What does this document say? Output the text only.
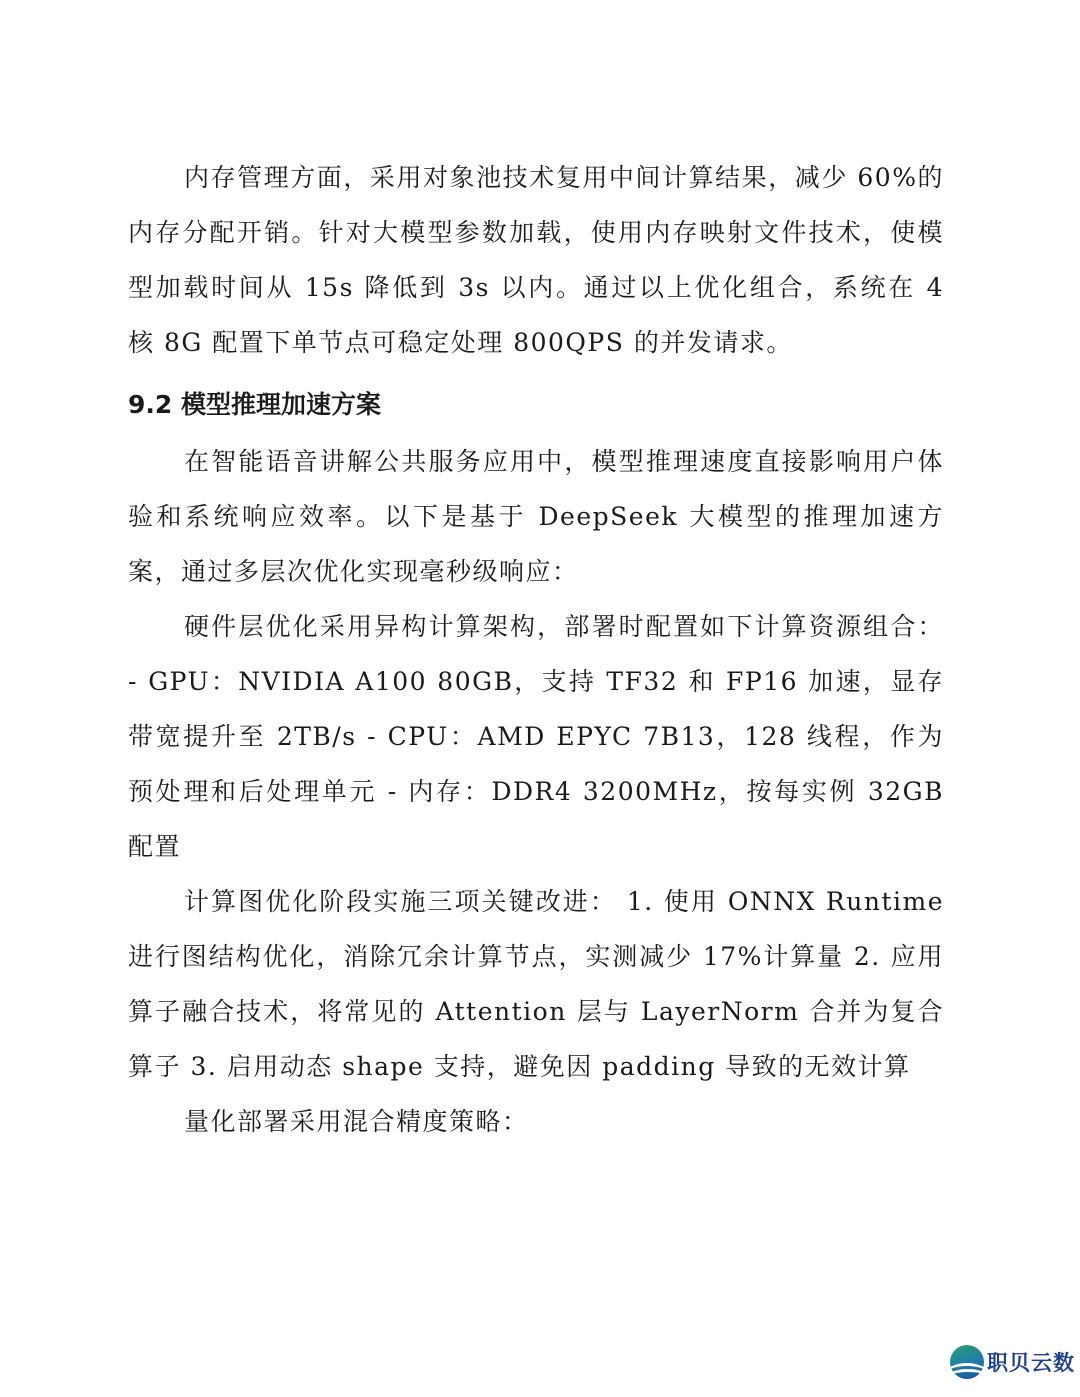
内存管理方面，采用对象池技术复用中间计算结果，减少 60%的内存分配开销。针对大模型参数加载，使用内存映射文件技术，使模型加载时间从 15s 降低到 3s 以内。通过以上优化组合，系统在 4 核 8G 配置下单节点可稳定处理 800QPS 的并发请求。

9.2 模型推理加速方案

在智能语音讲解公共服务应用中，模型推理速度直接影响用户体验和系统响应效率。以下是基于 DeepSeek 大模型的推理加速方案，通过多层次优化实现毫秒级响应：

硬件层优化采用异构计算架构，部署时配置如下计算资源组合： - GPU：NVIDIA A100 80GB，支持 TF32 和 FP16 加速，显存带宽提升至 2TB/s - CPU：AMD EPYC 7B13，128 线程，作为预处理和后处理单元 - 内存：DDR4 3200MHz，按每实例 32GB 配置

计算图优化阶段实施三项关键改进： 1. 使用 ONNX Runtime 进行图结构优化，消除冗余计算节点，实测减少 17%计算量 2. 应用算子融合技术，将常见的 Attention 层与 LayerNorm 合并为复合算子 3. 启用动态 shape 支持，避免因 padding 导致的无效计算

量化部署采用混合精度策略：

职贝云数
